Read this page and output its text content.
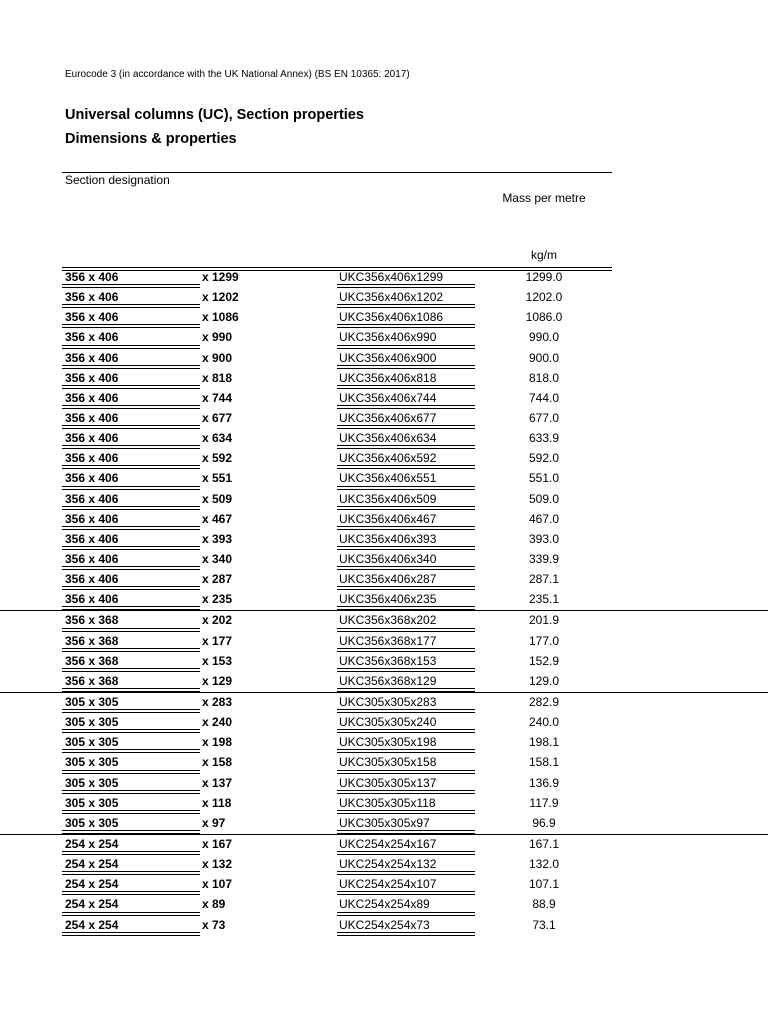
Eurocode 3 (in accordance with the UK National Annex) (BS EN 10365: 2017)
Universal columns (UC), Section properties
Dimensions & properties
Section designation
Mass per metre
kg/m
356 x 406	x 1299	UKC356x406x1299	1299.0
356 x 406	x 1202	UKC356x406x1202	1202.0
356 x 406	x 1086	UKC356x406x1086	1086.0
356 x 406	x 990	UKC356x406x990	990.0
356 x 406	x 900	UKC356x406x900	900.0
356 x 406	x 818	UKC356x406x818	818.0
356 x 406	x 744	UKC356x406x744	744.0
356 x 406	x 677	UKC356x406x677	677.0
356 x 406	x 634	UKC356x406x634	633.9
356 x 406	x 592	UKC356x406x592	592.0
356 x 406	x 551	UKC356x406x551	551.0
356 x 406	x 509	UKC356x406x509	509.0
356 x 406	x 467	UKC356x406x467	467.0
356 x 406	x 393	UKC356x406x393	393.0
356 x 406	x 340	UKC356x406x340	339.9
356 x 406	x 287	UKC356x406x287	287.1
356 x 406	x 235	UKC356x406x235	235.1
356 x 368	x 202	UKC356x368x202	201.9
356 x 368	x 177	UKC356x368x177	177.0
356 x 368	x 153	UKC356x368x153	152.9
356 x 368	x 129	UKC356x368x129	129.0
305 x 305	x 283	UKC305x305x283	282.9
305 x 305	x 240	UKC305x305x240	240.0
305 x 305	x 198	UKC305x305x198	198.1
305 x 305	x 158	UKC305x305x158	158.1
305 x 305	x 137	UKC305x305x137	136.9
305 x 305	x 118	UKC305x305x118	117.9
305 x 305	x 97	UKC305x305x97	96.9
254 x 254	x 167	UKC254x254x167	167.1
254 x 254	x 132	UKC254x254x132	132.0
254 x 254	x 107	UKC254x254x107	107.1
254 x 254	x 89	UKC254x254x89	88.9
254 x 254	x 73	UKC254x254x73	73.1
